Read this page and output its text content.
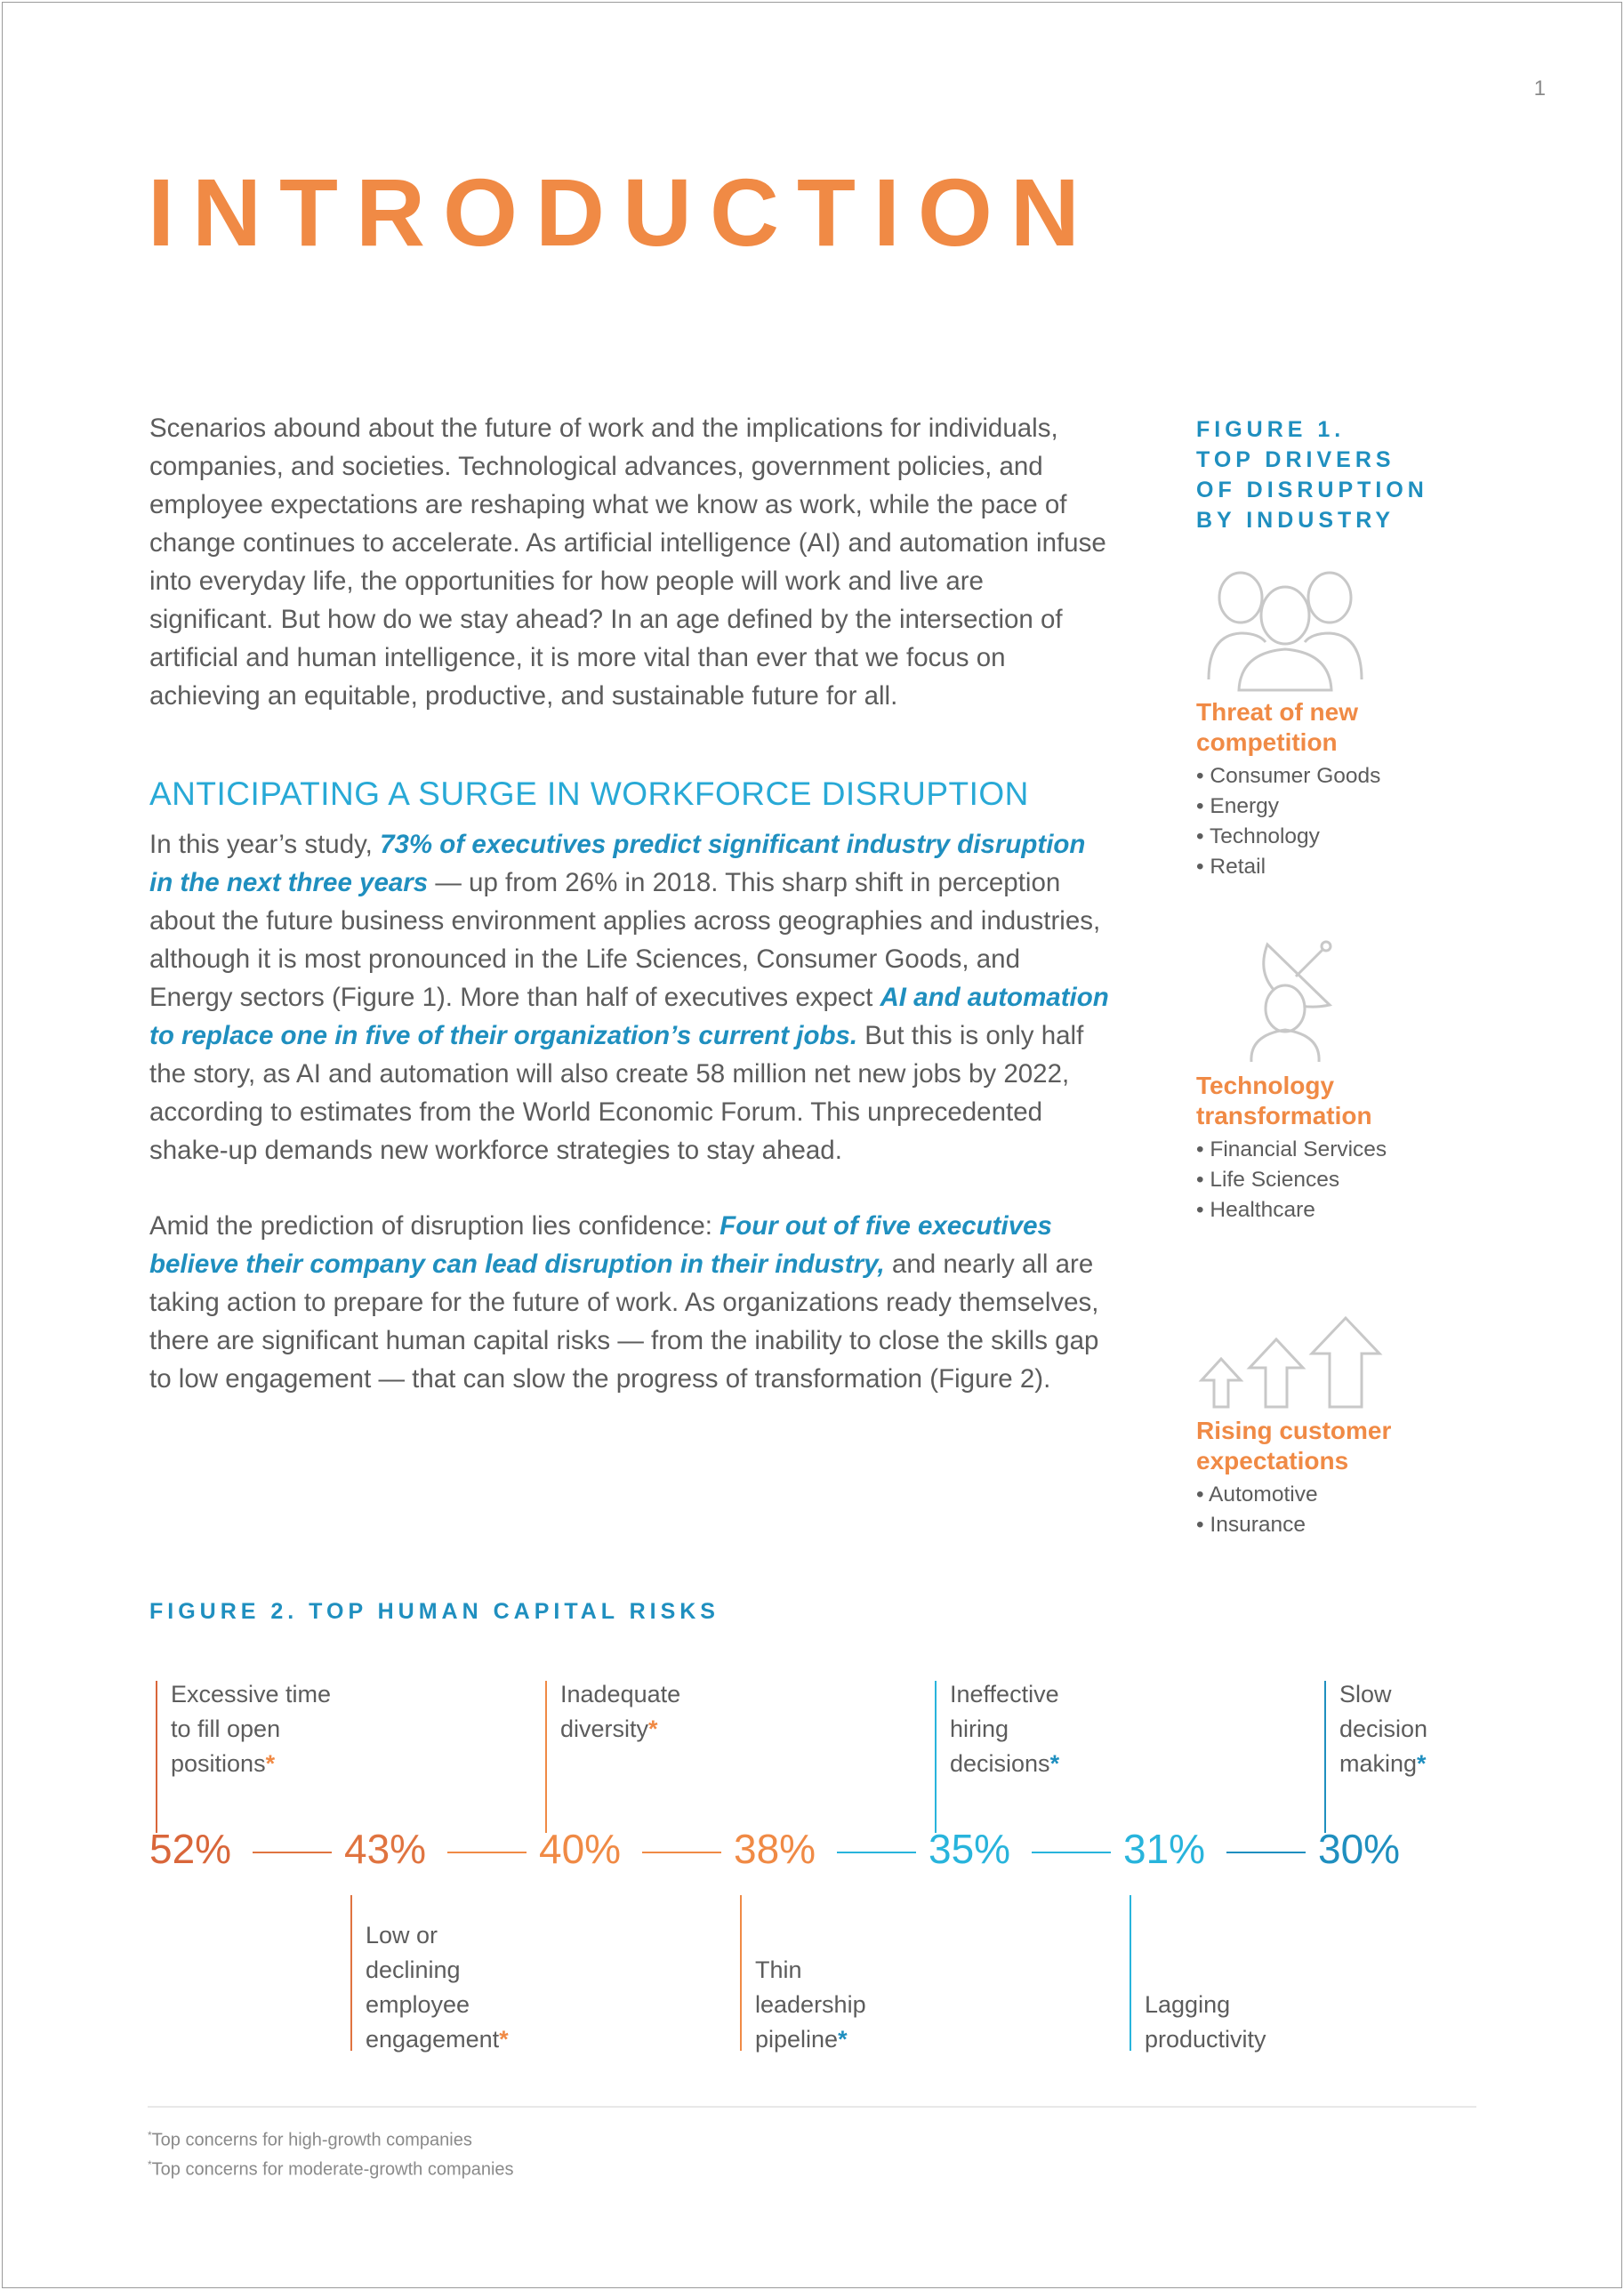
1
INTRODUCTION

Scenarios abound about the future of work and the implications for individuals, companies, and societies. Technological advances, government policies, and employee expectations are reshaping what we know as work, while the pace of change continues to accelerate. As artificial intelligence (AI) and automation infuse into everyday life, the opportunities for how people will work and live are significant. But how do we stay ahead? In an age defined by the intersection of artificial and human intelligence, it is more vital than ever that we focus on achieving an equitable, productive, and sustainable future for all.

ANTICIPATING A SURGE IN WORKFORCE DISRUPTION

In this year’s study, 73% of executives predict significant industry disruption in the next three years — up from 26% in 2018. This sharp shift in perception about the future business environment applies across geographies and industries, although it is most pronounced in the Life Sciences, Consumer Goods, and Energy sectors (Figure 1). More than half of executives expect AI and automation to replace one in five of their organization’s current jobs. But this is only half the story, as AI and automation will also create 58 million net new jobs by 2022, according to estimates from the World Economic Forum. This unprecedented shake-up demands new workforce strategies to stay ahead.

Amid the prediction of disruption lies confidence: Four out of five executives believe their company can lead disruption in their industry, and nearly all are taking action to prepare for the future of work. As organizations ready themselves, there are significant human capital risks — from the inability to close the skills gap to low engagement — that can slow the progress of transformation (Figure 2).

FIGURE 1.
TOP DRIVERS
OF DISRUPTION
BY INDUSTRY

Threat of new competition

• Consumer Goods
• Energy
• Technology
• Retail

Technology transformation

• Financial Services
• Life Sciences
• Healthcare

Rising customer expectations

• Automotive
• Insurance
FIGURE 2. TOP HUMAN CAPITAL RISKS
52%
Excessive time
to fill open
positions*
43%
Low or
declining
employee
engagement*
40%
Inadequate
diversity*
38%
Thin
leadership
pipeline*
35%
Ineffective
hiring
decisions*
31%
Lagging
productivity
30%
Slow
decision
making*
*Top concerns for high-growth companies
*Top concerns for moderate-growth companies
